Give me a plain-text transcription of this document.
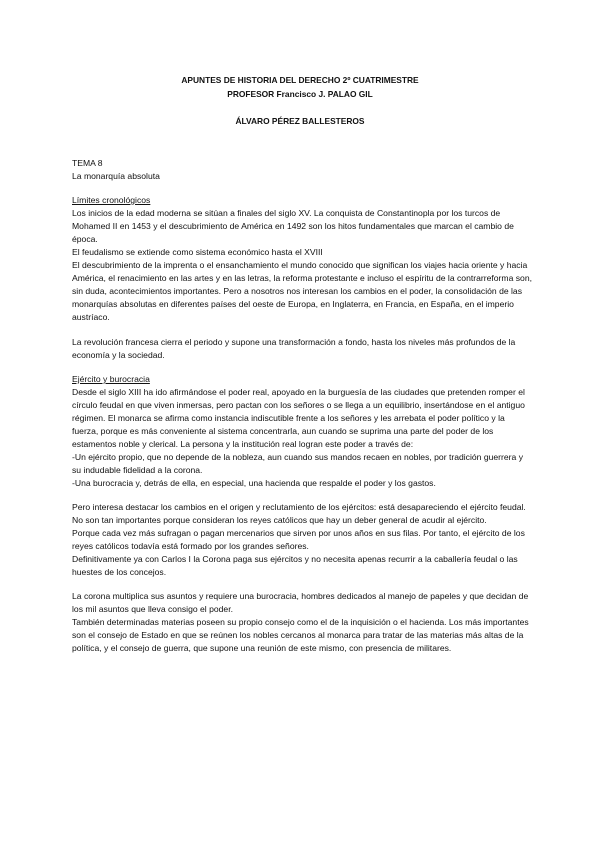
APUNTES DE HISTORIA DEL DERECHO 2º CUATRIMESTRE
PROFESOR Francisco J. PALAO GIL
ÁLVARO PÉREZ BALLESTEROS

TEMA 8

La monarquía absoluta

Límites cronológicos

Los inicios de la edad moderna se sitúan a finales del siglo XV. La conquista de Constantinopla por los turcos de Mohamed II en 1453 y el descubrimiento de América en 1492 son los hitos fundamentales que marcan el cambio de época.

El feudalismo se extiende como sistema económico hasta el XVIII

El descubrimiento de la imprenta o el ensanchamiento el mundo conocido que significan los viajes hacia oriente y hacia América, el renacimiento en las artes y en las letras, la reforma protestante e incluso el espíritu de la contrarreforma son, sin duda, acontecimientos importantes. Pero a nosotros nos interesan los cambios en el poder, la consolidación de las monarquías absolutas en diferentes países del oeste de Europa, en Inglaterra, en Francia, en España, en el imperio austríaco.

La revolución francesa cierra el periodo y supone una transformación a fondo, hasta los niveles más profundos de la economía y la sociedad.

Ejército y burocracia

Desde el siglo XIII ha ido afirmándose el poder real, apoyado en la burguesía de las ciudades que pretenden romper el círculo feudal en que viven inmersas, pero pactan con los señores o se llega a un equilibrio, insertándose en el antiguo régimen. El monarca se afirma como instancia indiscutible frente a los señores y les arrebata el poder político y la fuerza, porque es más conveniente al sistema concentrarla, aun cuando se suprima una parte del poder de los estamentos noble y clerical. La persona y la institución real logran este poder a través de:

-Un ejército propio, que no depende de la nobleza, aun cuando sus mandos recaen en nobles, por tradición guerrera y su indudable fidelidad a la corona.

-Una burocracia y, detrás de ella, en especial, una hacienda que respalde el poder y los gastos.

Pero interesa destacar los cambios en el origen y reclutamiento de los ejércitos: está desapareciendo el ejército feudal. No son tan importantes porque consideran los reyes católicos que hay un deber general de acudir al ejército.

Porque cada vez más sufragan o pagan mercenarios que sirven por unos años en sus filas. Por tanto, el ejército de los reyes católicos todavía está formado por los grandes señores.

Definitivamente ya con Carlos I la Corona paga sus ejércitos y no necesita apenas recurrir a la caballería feudal o las huestes de los concejos.

La corona multiplica sus asuntos y requiere una burocracia, hombres dedicados al manejo de papeles y que decidan de los mil asuntos que lleva consigo el poder.

También determinadas materias poseen su propio consejo como el de la inquisición o el hacienda. Los más importantes son el consejo de Estado en que se reúnen los nobles cercanos al monarca para tratar de las materias más altas de la política, y el consejo de guerra, que supone una reunión de este mismo, con presencia de militares.
